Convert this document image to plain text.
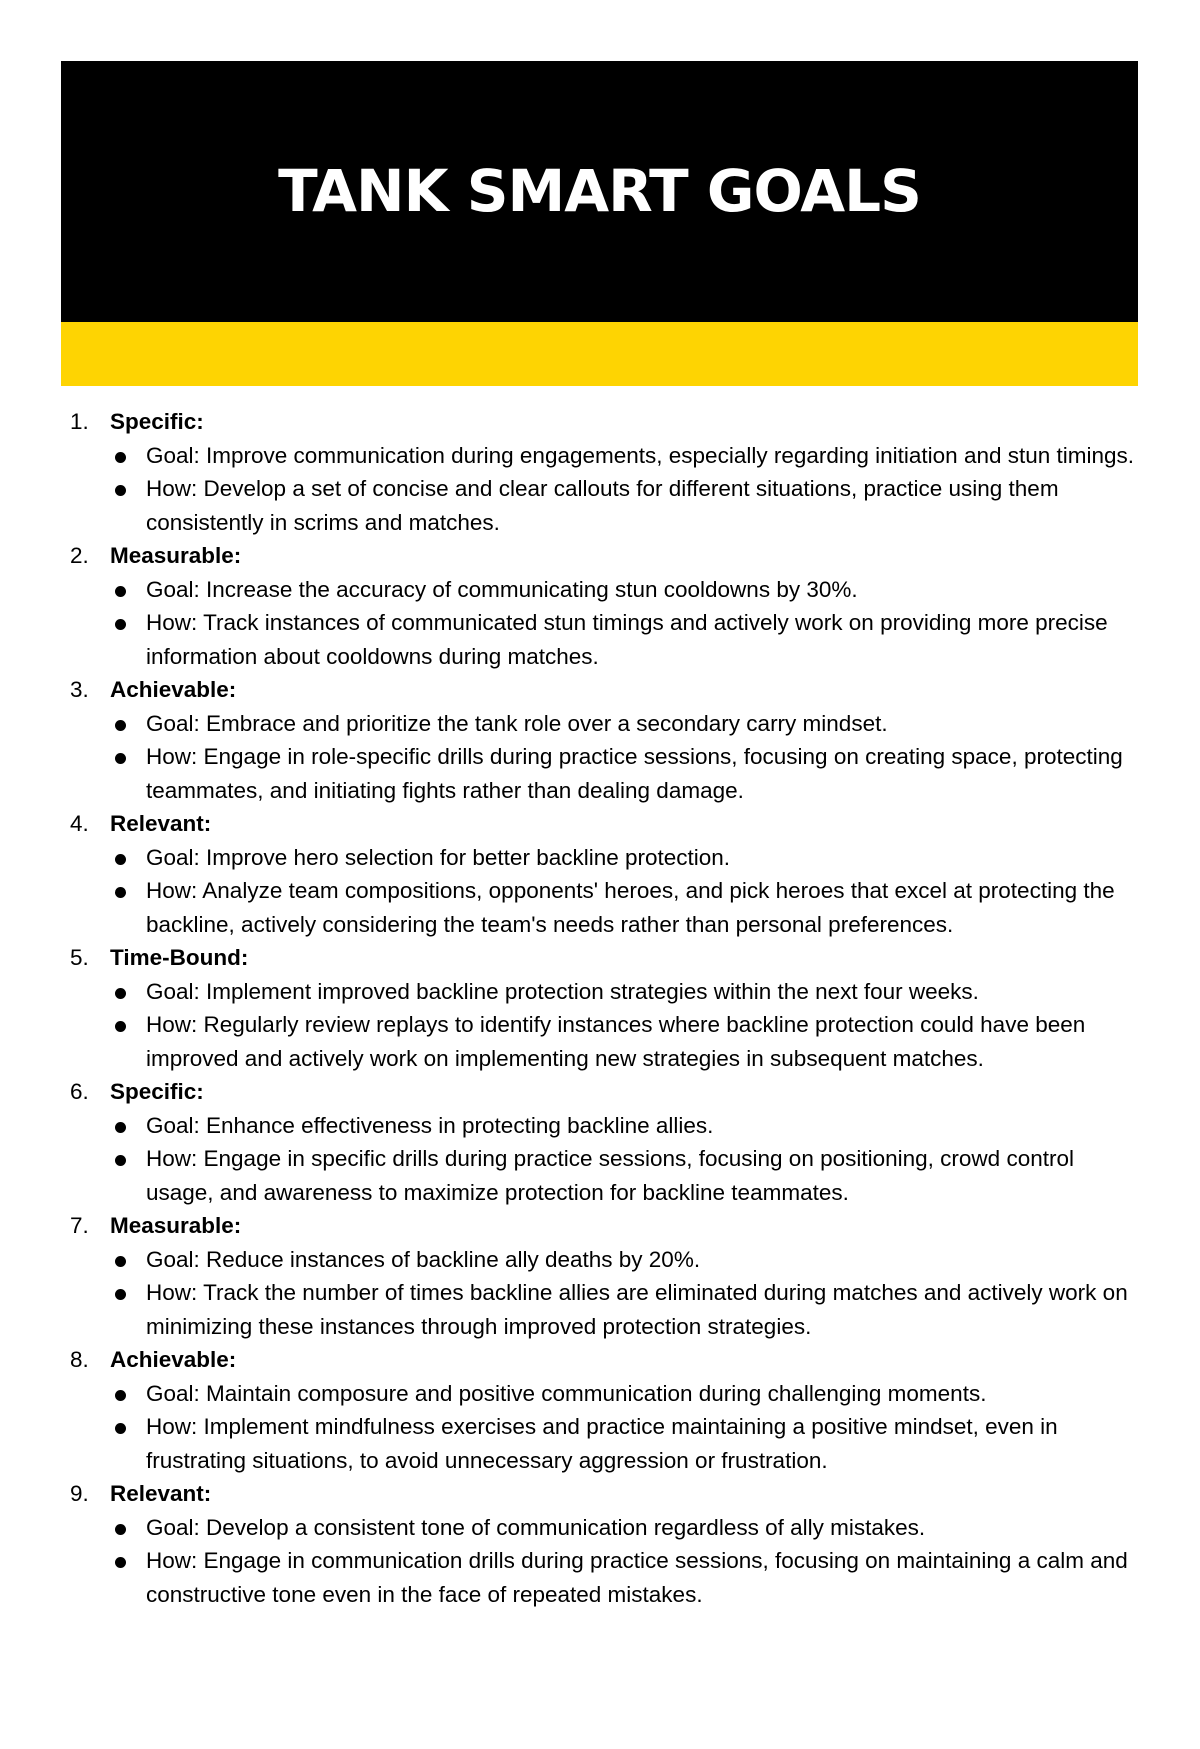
TANK SMART GOALS
1. Specific:
Goal: Improve communication during engagements, especially regarding initiation and stun timings.
How: Develop a set of concise and clear callouts for different situations, practice using them consistently in scrims and matches.
2. Measurable:
Goal: Increase the accuracy of communicating stun cooldowns by 30%.
How: Track instances of communicated stun timings and actively work on providing more precise information about cooldowns during matches.
3. Achievable:
Goal: Embrace and prioritize the tank role over a secondary carry mindset.
How: Engage in role-specific drills during practice sessions, focusing on creating space, protecting teammates, and initiating fights rather than dealing damage.
4. Relevant:
Goal: Improve hero selection for better backline protection.
How: Analyze team compositions, opponents' heroes, and pick heroes that excel at protecting the backline, actively considering the team's needs rather than personal preferences.
5. Time-Bound:
Goal: Implement improved backline protection strategies within the next four weeks.
How: Regularly review replays to identify instances where backline protection could have been improved and actively work on implementing new strategies in subsequent matches.
6. Specific:
Goal: Enhance effectiveness in protecting backline allies.
How: Engage in specific drills during practice sessions, focusing on positioning, crowd control usage, and awareness to maximize protection for backline teammates.
7. Measurable:
Goal: Reduce instances of backline ally deaths by 20%.
How: Track the number of times backline allies are eliminated during matches and actively work on minimizing these instances through improved protection strategies.
8. Achievable:
Goal: Maintain composure and positive communication during challenging moments.
How: Implement mindfulness exercises and practice maintaining a positive mindset, even in frustrating situations, to avoid unnecessary aggression or frustration.
9. Relevant:
Goal: Develop a consistent tone of communication regardless of ally mistakes.
How: Engage in communication drills during practice sessions, focusing on maintaining a calm and constructive tone even in the face of repeated mistakes.
